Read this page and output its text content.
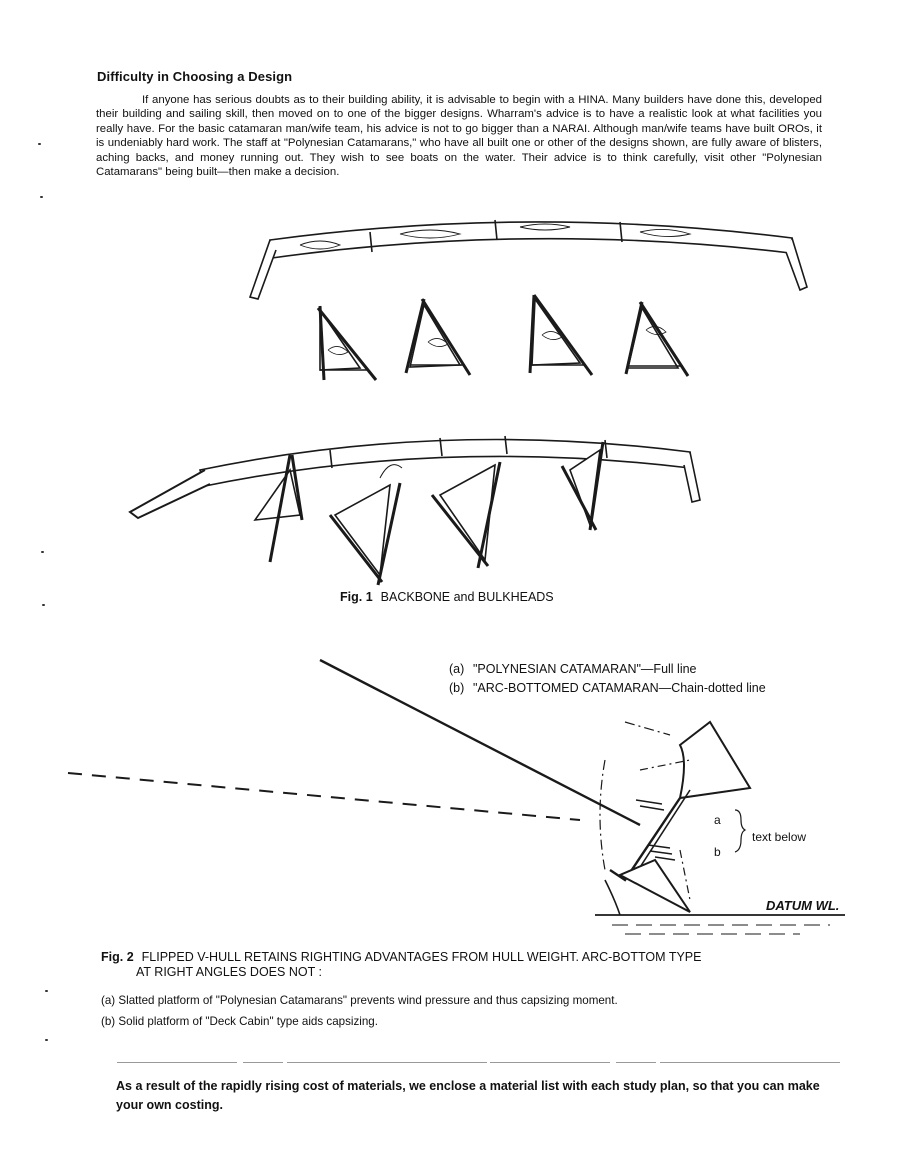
Difficulty in Choosing a Design
If anyone has serious doubts as to their building ability, it is advisable to begin with a HINA. Many builders have done this, developed their building and sailing skill, then moved on to one of the bigger designs. Wharram's advice is to have a realistic look at what facilities you really have. For the basic catamaran man/wife team, his advice is not to go bigger than a NARAI. Although man/wife teams have built OROs, it is undeniably hard work. The staff at "Polynesian Catamarans," who have all built one or other of the designs shown, are fully aware of blisters, aching backs, and money running out. They wish to see boats on the water. Their advice is to think carefully, visit other "Polynesian Catamarans" being built—then make a decision.
Fig. 1 BACKBONE and BULKHEADS
a
b
text below
DATUM WL.
(a) "POLYNESIAN CATAMARAN"—Full line
(b) "ARC-BOTTOMED CATAMARAN—Chain-dotted line
Fig. 2 FLIPPED V-HULL RETAINS RIGHTING ADVANTAGES FROM HULL WEIGHT. ARC-BOTTOM TYPE
AT RIGHT ANGLES DOES NOT :
(a) Slatted platform of "Polynesian Catamarans" prevents wind pressure and thus capsizing moment.
(b) Solid platform of "Deck Cabin" type aids capsizing.
As a result of the rapidly rising cost of materials, we enclose a material list with each study plan, so that you can make your own costing.
